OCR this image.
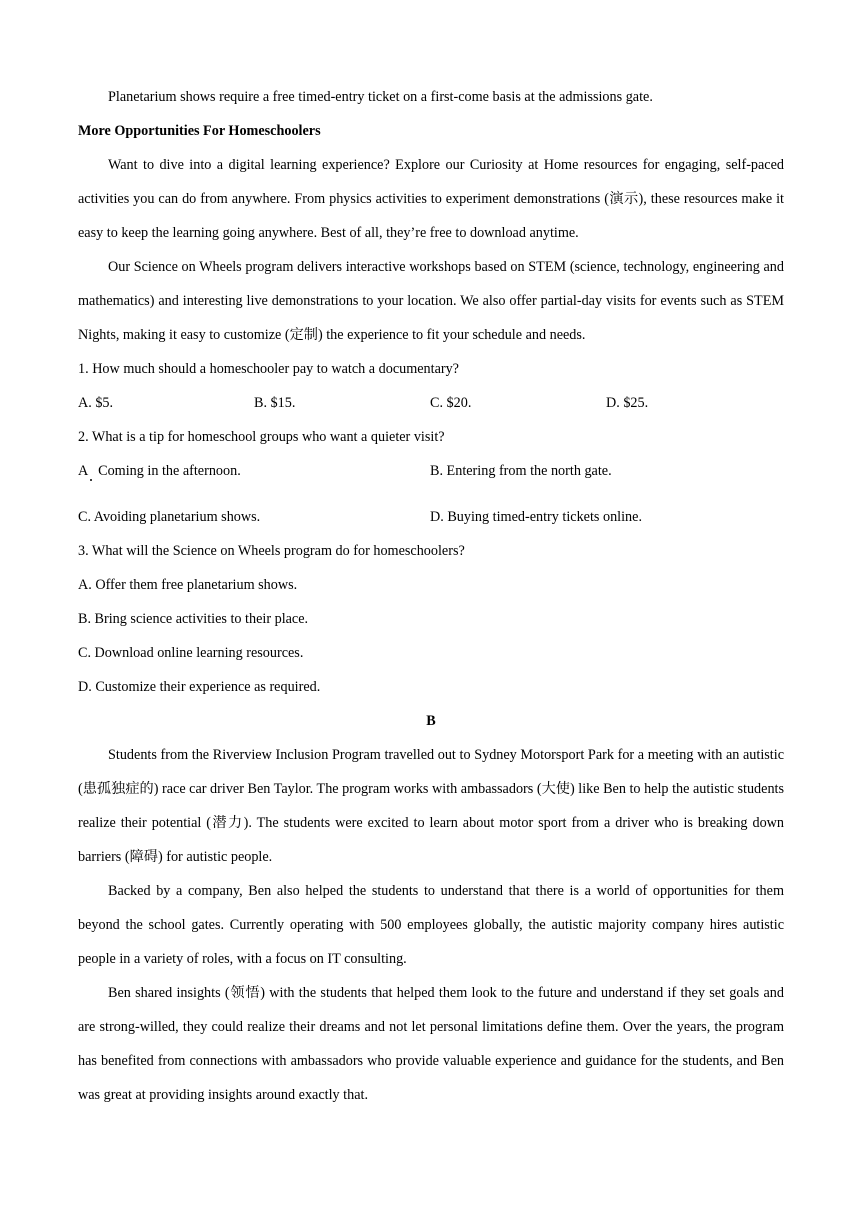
Planetarium shows require a free timed-entry ticket on a first-come basis at the admissions gate.

More Opportunities For Homeschoolers

Want to dive into a digital learning experience? Explore our Curiosity at Home resources for engaging, self-paced activities you can do from anywhere. From physics activities to experiment demonstrations (演示), these resources make it easy to keep the learning going anywhere. Best of all, they’re free to download anytime.

Our Science on Wheels program delivers interactive workshops based on STEM (science, technology, engineering and mathematics) and interesting live demonstrations to your location. We also offer partial-day visits for events such as STEM Nights, making it easy to customize (定制) the experience to fit your schedule and needs.

1. How much should a homeschooler pay to watch a documentary?

A. $5.	B. $15.	C. $20.	D. $25.

2. What is a tip for homeschool groups who want a quieter visit?

A   Coming in the afternoon.	B. Entering from the north gate.
C. Avoiding planetarium shows.	D. Buying timed-entry tickets online.

3. What will the Science on Wheels program do for homeschoolers?

A. Offer them free planetarium shows.

B. Bring science activities to their place.

C. Download online learning resources.

D. Customize their experience as required.

B

Students from the Riverview Inclusion Program travelled out to Sydney Motorsport Park for a meeting with an autistic (患孤独症的) race car driver Ben Taylor. The program works with ambassadors (大使) like Ben to help the autistic students realize their potential (潜力). The students were excited to learn about motor sport from a driver who is breaking down barriers (障碍) for autistic people.

Backed by a company, Ben also helped the students to understand that there is a world of opportunities for them beyond the school gates. Currently operating with 500 employees globally, the autistic majority company hires autistic people in a variety of roles, with a focus on IT consulting.

Ben shared insights (领悟) with the students that helped them look to the future and understand if they set goals and are strong-willed, they could realize their dreams and not let personal limitations define them. Over the years, the program has benefited from connections with ambassadors who provide valuable experience and guidance for the students, and Ben was great at providing insights around exactly that.
